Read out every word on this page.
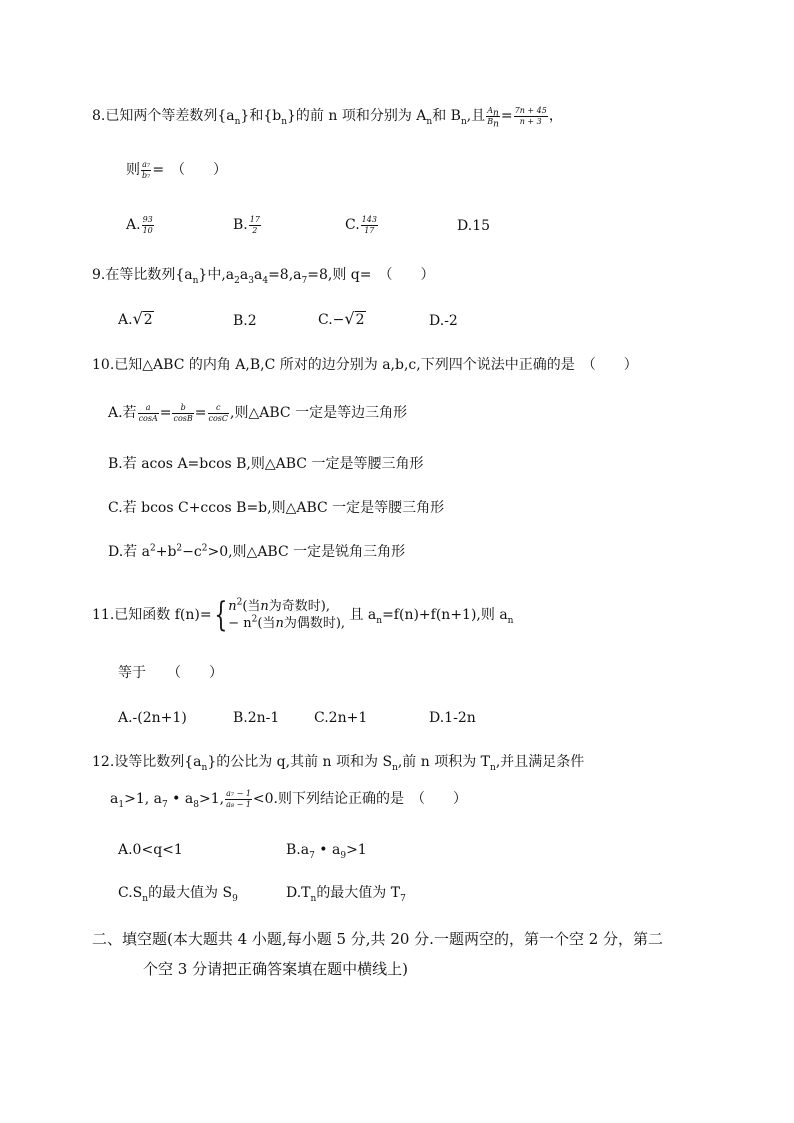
8.已知两个等差数列$\{a_n\}$和$\{b_n\}$的前 n 项和分别为 $A_n$和 $B_n$,且 $\frac{A_n}{B_n} = \frac{7n + 45}{n + 3}$ ，
则 $\frac{\text{a₇}}{\text{b₇}}$ =　（　　）
A. $\frac{93}{10}$	B. $\frac{17}{2}$	C. $\frac{143}{17}$	D.15
9.在等比数列$\{a_n\}$中$,a_2a_3a_4=8,a_7=8$,则 q=　（　　）
A.√2	B.2	C.−√2	D.-2
10.已知△ABC 的内角 A,B,C 所对的边分别为 a,b,c,下列四个说法中正确的是　（　　）
A.若 $\frac{a}{\cos A} = \frac{b}{\cos B} = \frac{c}{\cos C}$ ,则△ABC 一定是等边三角形
B.若 acos A=bcos B,则△ABC 一定是等腰三角形
C.若 bcos C+ccos B=b,则△ABC 一定是等腰三角形
D.若 $a^2+b^2-c^2>0$,则△ABC 一定是锐角三角形
11.已知函数 f(n)={ $n^2$(当n为奇数时),
− $n^2$(当n为偶数时),
且 $a_n=f(n)+f(n+1)$,则 $a_n$
等于　　（　　）
A.-(2n+1)	B.2n-1 C.2n+1	D.1-2n
12.设等比数列$\{a_n\}$的公比为 q,其前 n 项和为 $S_n$,前 n 项积为 $T_n$,并且满足条件
$a_1>1$, $a_7$ • $a_8>1$, $\frac{\text{a₇ − 1}}{\text{a₈ − 1}} <0$.则下列结论正确的是　（　　）
A.0<q<1	$B.a_7$ • $a_9>1$
$C.S_n$的最大值为 $S_9$	$D.T_n$的最大值为 $T_7$
二、填空题(本大题共 4 小题,每小题 5 分,共 20 分.一题两空的，第一个空 2 分，第二
个空 3 分请把正确答案填在题中横线上)
